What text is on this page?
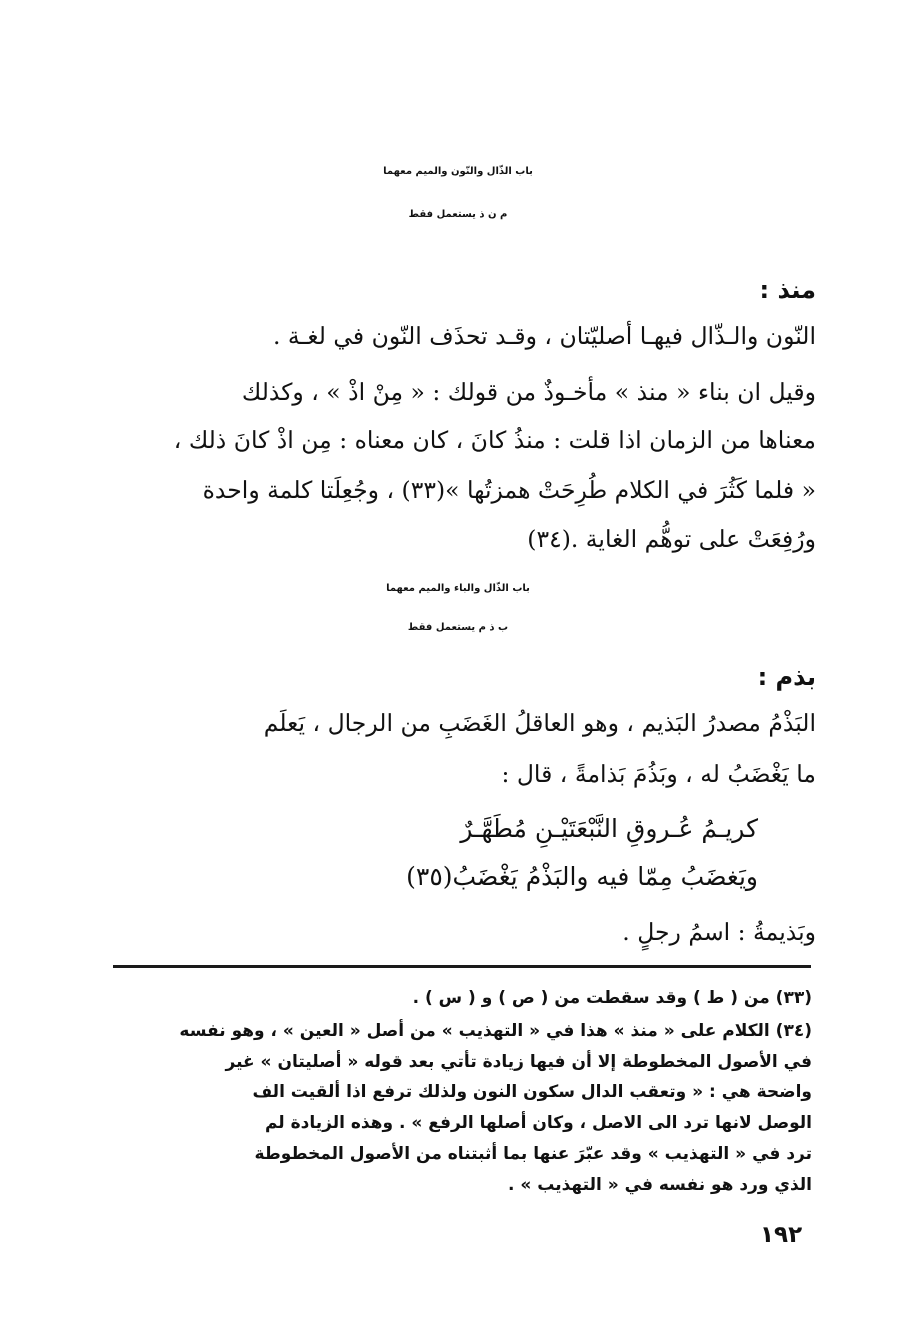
باب الذّال والنّون والميم معهما
م ن ذ يستعمل فقط
منذ :
النّون والـذّال فيهـا أصليّتان ، وقـد تحذَف النّون في لغـة .
وقيل ان بناء « منذ » مأخـوذٌ من قولك : « مِنْ اذْ » ، وكذلك
معناها من الزمان اذا قلت : منذُ كانَ ، كان معناه : مِن اذْ كانَ ذلك ،
« فلما كَثُرَ في الكلام طُرِحَتْ همزتُها »(٣٣) ، وجُعِلَتا كلمة واحدة
ورُفِعَتْ على توهُّم الغاية .(٣٤)
باب الذّال والباء والميم معهما
ب ذ م يستعمل فقط
بذم :
البَذْمُ مصدرُ البَذيم ، وهو العاقلُ الغَضَبِ من الرجال ، يَعلَم
ما يَغْضَبُ له ، وبَذُمَ بَذامةً ، قال :
كريـمُ عُـروقِ النَّبْعَتَيْـنِ مُطَهَّـرٌ
ويَغضَبُ مِمّا فيه والبَذْمُ يَغْضَبُ(٣٥)
وبَذيمةُ : اسمُ رجلٍ .
(٣٣) من ( ط ) وقد سقطت من ( ص ) و ( س ) .
(٣٤) الكلام على « منذ » هذا في « التهذيب » من أصل « العين » ، وهو نفسه
في الأصول المخطوطة إلا أن فيها زيادة تأتي بعد قوله « أصليتان » غير
واضحة هي : « وتعقب الدال سكون النون ولذلك ترفع اذا ألقيت الف
الوصل لانها ترد الى الاصل ، وكان أصلها الرفع » . وهذه الزيادة لم
ترد في « التهذيب » وقد عبّرَ عنها بما أثبتناه من الأصول المخطوطة
الذي ورد هو نفسه في « التهذيب » .
١٩٢
